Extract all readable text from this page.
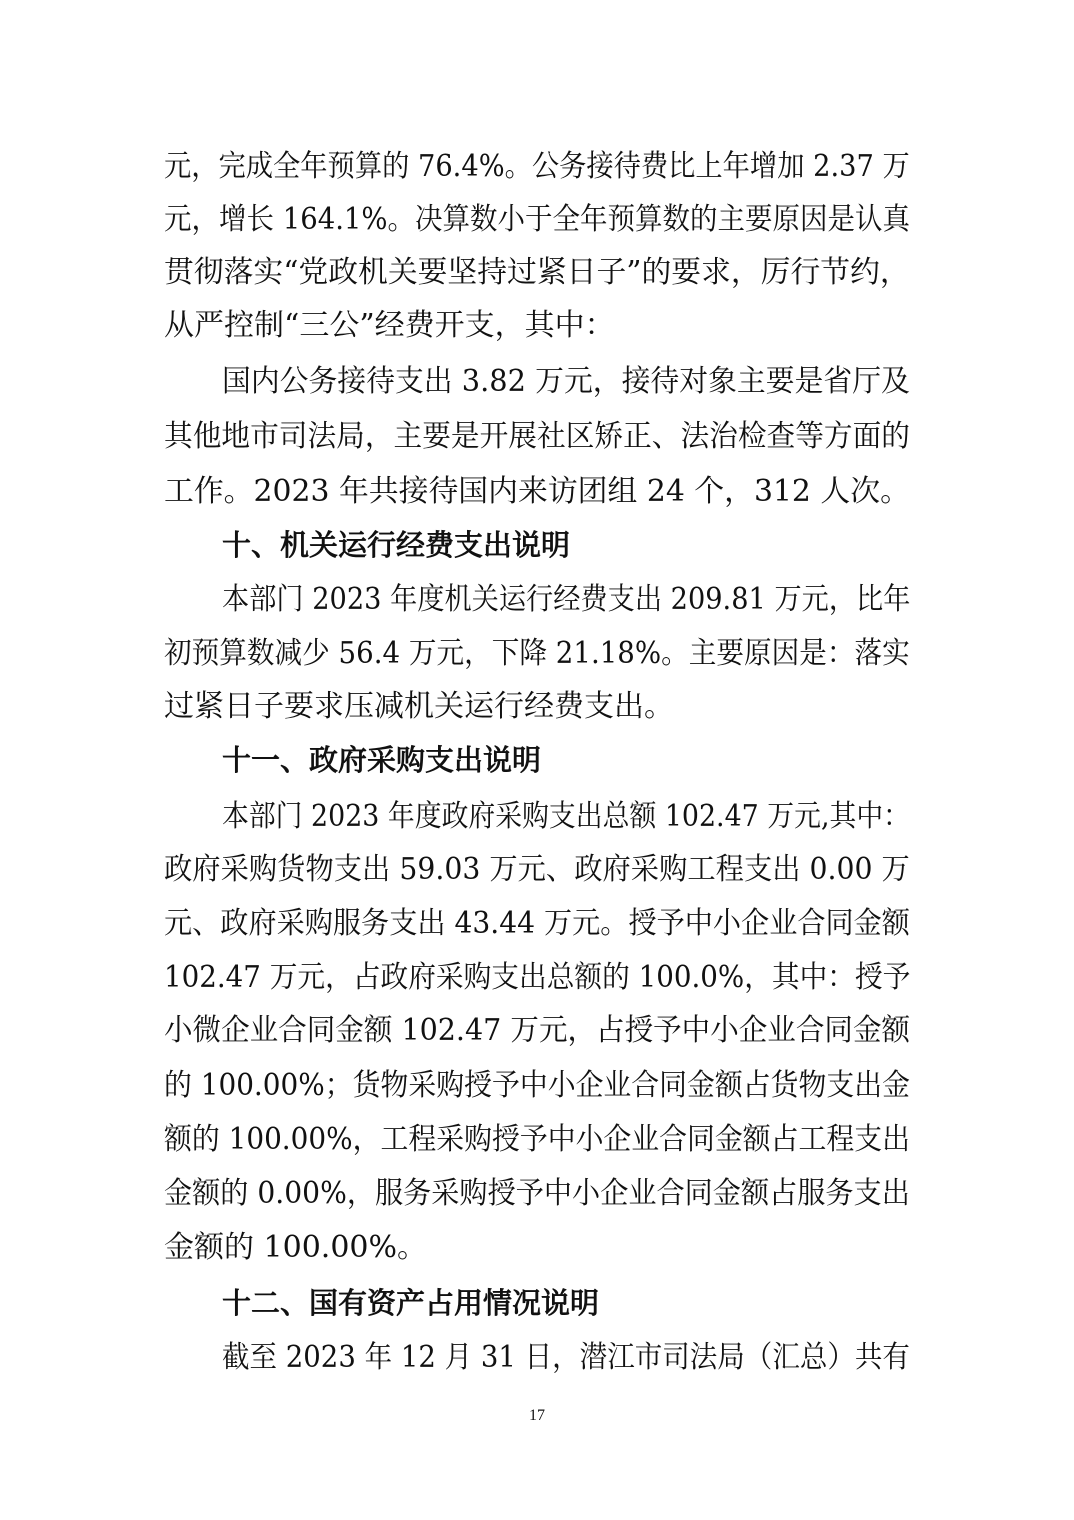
元，完成全年预算的 76.4%。公务接待费比上年增加 2.37 万
元，增长 164.1%。决算数小于全年预算数的主要原因是认真
贯彻落实“党政机关要坚持过紧日子”的要求，厉行节约，
从严控制“三公”经费开支，其中：
国内公务接待支出 3.82 万元，接待对象主要是省厅及
其他地市司法局，主要是开展社区矫正、法治检查等方面的
工作。2023 年共接待国内来访团组 24 个，312 人次。
十、机关运行经费支出说明
本部门 2023 年度机关运行经费支出 209.81 万元，比年
初预算数减少 56.4 万元，下降 21.18%。主要原因是：落实
过紧日子要求压减机关运行经费支出。
十一、政府采购支出说明
本部门 2023 年度政府采购支出总额 102.47 万元,其中：
政府采购货物支出 59.03 万元、政府采购工程支出 0.00 万
元、政府采购服务支出 43.44 万元。授予中小企业合同金额
102.47 万元，占政府采购支出总额的 100.0%，其中：授予
小微企业合同金额 102.47 万元，占授予中小企业合同金额
的 100.00%；货物采购授予中小企业合同金额占货物支出金
额的 100.00%，工程采购授予中小企业合同金额占工程支出
金额的 0.00%，服务采购授予中小企业合同金额占服务支出
金额的 100.00%。
十二、国有资产占用情况说明
截至 2023 年 12 月 31 日，潜江市司法局（汇总）共有
17
